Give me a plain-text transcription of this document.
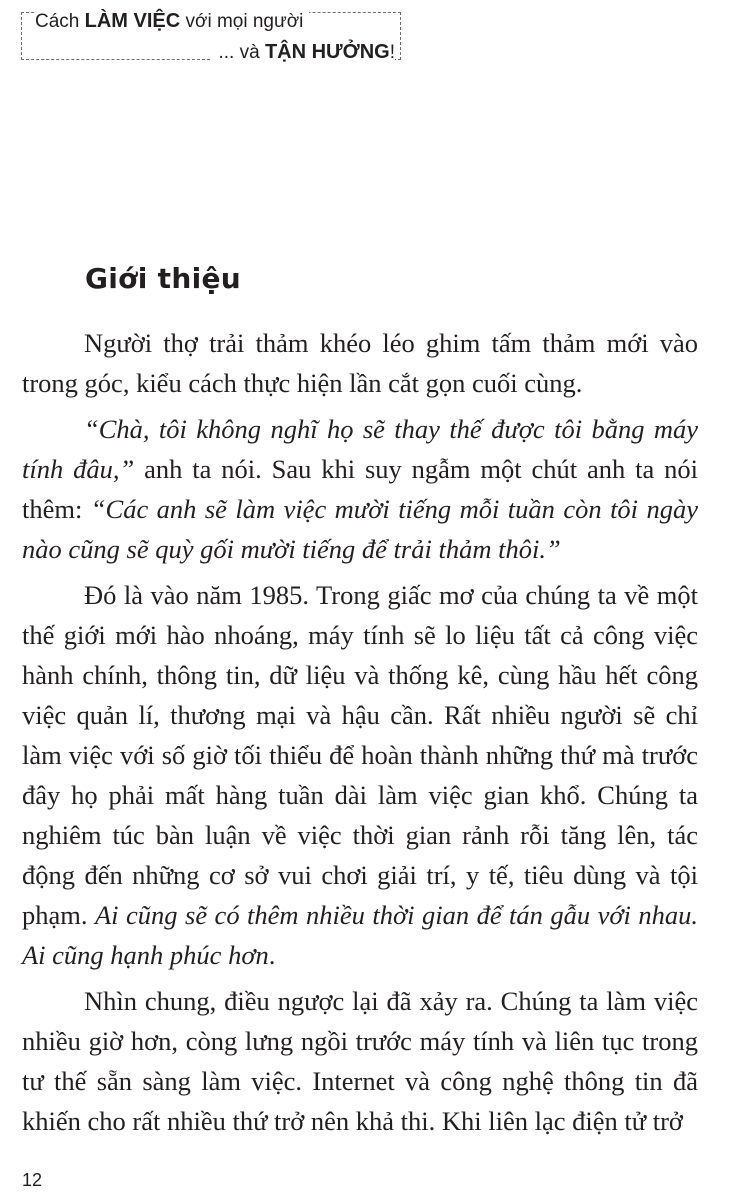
Cách LÀM VIỆC với mọi người
... và TẬN HƯỞNG!
Giới thiệu

Người thợ trải thảm khéo léo ghim tấm thảm mới vào trong góc, kiểu cách thực hiện lần cắt gọn cuối cùng.

“Chà, tôi không nghĩ họ sẽ thay thế được tôi bằng máy tính đâu,” anh ta nói. Sau khi suy ngẫm một chút anh ta nói thêm: “Các anh sẽ làm việc mười tiếng mỗi tuần còn tôi ngày nào cũng sẽ quỳ gối mười tiếng để trải thảm thôi.”

Đó là vào năm 1985. Trong giấc mơ của chúng ta về một thế giới mới hào nhoáng, máy tính sẽ lo liệu tất cả công việc hành chính, thông tin, dữ liệu và thống kê, cùng hầu hết công việc quản lí, thương mại và hậu cần. Rất nhiều người sẽ chỉ làm việc với số giờ tối thiểu để hoàn thành những thứ mà trước đây họ phải mất hàng tuần dài làm việc gian khổ. Chúng ta nghiêm túc bàn luận về việc thời gian rảnh rỗi tăng lên, tác động đến những cơ sở vui chơi giải trí, y tế, tiêu dùng và tội phạm. Ai cũng sẽ có thêm nhiều thời gian để tán gẫu với nhau. Ai cũng hạnh phúc hơn.

Nhìn chung, điều ngược lại đã xảy ra. Chúng ta làm việc nhiều giờ hơn, còng lưng ngồi trước máy tính và liên tục trong tư thế sẵn sàng làm việc. Internet và công nghệ thông tin đã khiến cho rất nhiều thứ trở nên khả thi. Khi liên lạc điện tử trở

12
